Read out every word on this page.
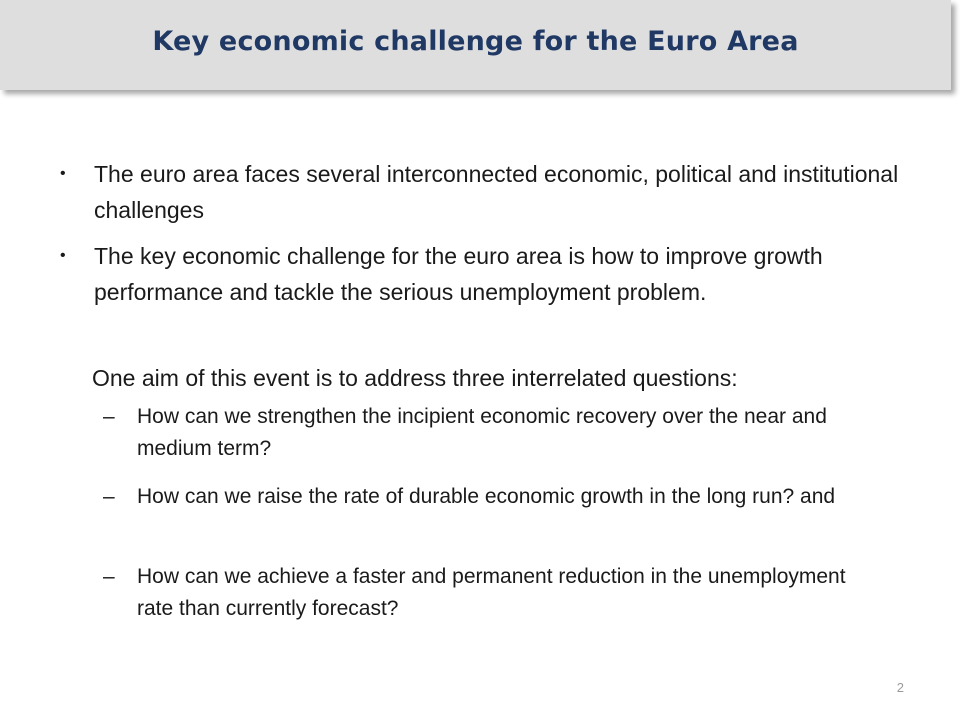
Key economic challenge for the Euro Area
• The euro area faces several interconnected economic, political and institutional challenges
• The key economic challenge for the euro area is how to improve growth performance and tackle the serious unemployment problem.
One aim of this event is to address three interrelated questions:
– How can we strengthen the incipient economic recovery over the near and medium term?
– How can we raise the rate of durable economic growth in the long run? and
– How can we achieve a faster and permanent reduction in the unemployment rate than currently forecast?
2
